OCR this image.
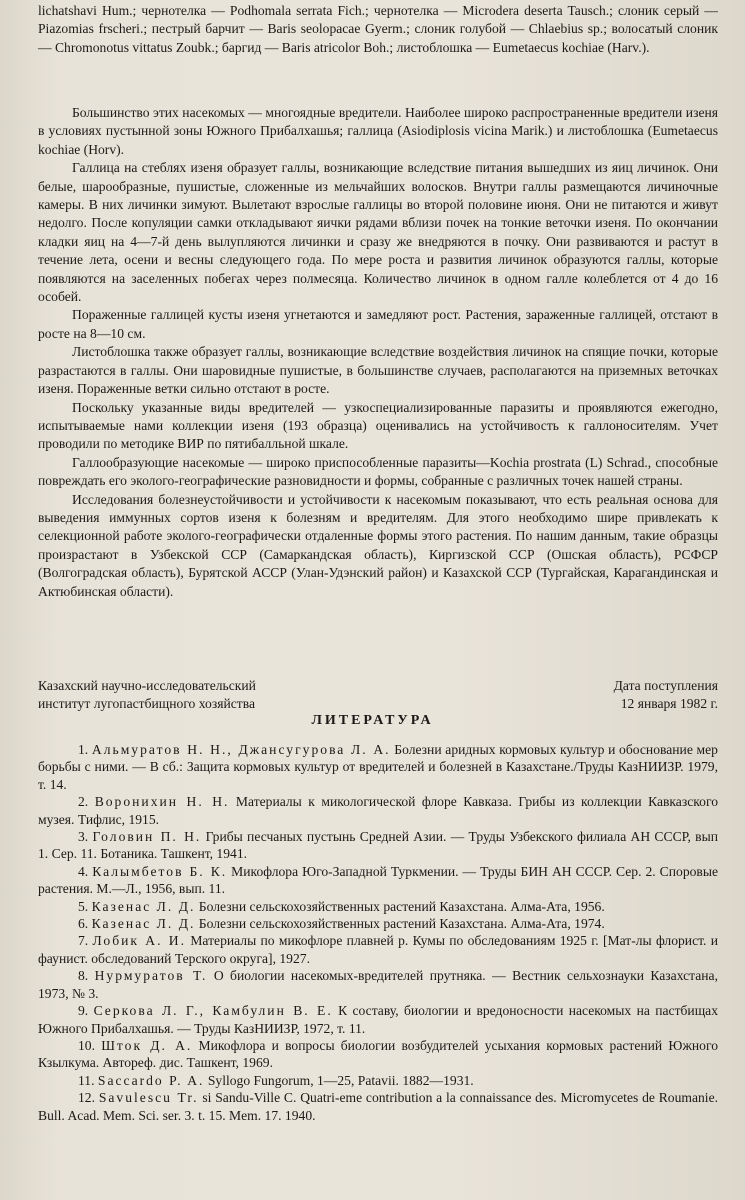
lichatshavi Hum.; чернотелка — Podhomala serrata Fich.; чернотелка — Microdera deserta Tausch.; слоник серый — Piazomias frscheri.; пестрый барчит — Baris seolopacae Gyerm.; слоник голубой — Chlaebius sp.; волосатый слоник — Chromonotus vittatus Zoubk.; баргид — Baris atricolor Boh.; листоблошка — Eumetaecus kochiae (Harv.).

Большинство этих насекомых — многоядные вредители. Наиболее широко распространенные вредители изеня в условиях пустынной зоны Южного Прибалхашья; галлица (Asiodiplosis vicina Marik.) и листоблошка (Eumetaecus kochiae (Horv).

Галлица на стеблях изеня образует галлы, возникающие вследствие питания вышедших из яиц личинок. Они белые, шарообразные, пушистые, сложенные из мельчайших волосков. Внутри галлы размещаются личиночные камеры. В них личинки зимуют. Вылетают взрослые галлицы во второй половине июня. Они не питаются и живут недолго. После копуляции самки откладывают яички рядами вблизи почек на тонкие веточки изеня. По окончании кладки яиц на 4—7-й день вылупляются личинки и сразу же внедряются в почку. Они развиваются и растут в течение лета, осени и весны следующего года. По мере роста и развития личинок образуются галлы, которые появляются на заселенных побегах через полмесяца. Количество личинок в одном галле колеблется от 4 до 16 особей.

Пораженные галлицей кусты изеня угнетаются и замедляют рост. Растения, зараженные галлицей, отстают в росте на 8—10 см.

Листоблошка также образует галлы, возникающие вследствие воздействия личинок на спящие почки, которые разрастаются в галлы. Они шаровидные пушистые, в большинстве случаев, располагаются на приземных веточках изеня. Пораженные ветки сильно отстают в росте.

Поскольку указанные виды вредителей — узкоспециализированные паразиты и проявляются ежегодно, испытываемые нами коллекции изеня (193 образца) оценивались на устойчивость к галлоносителям. Учет проводили по методике ВИР по пятибалльной шкале.

Галлообразующие насекомые — широко приспособленные паразиты—Kochia prostrata (L) Schrad., способные повреждать его эколого-географические разновидности и формы, собранные с различных точек нашей страны.

Исследования болезнеустойчивости и устойчивости к насекомым показывают, что есть реальная основа для выведения иммунных сортов изеня к болезням и вредителям. Для этого необходимо шире привлекать к селекционной работе эколого-географически отдаленные формы этого растения. По нашим данным, такие образцы произрастают в Узбекской ССР (Самаркандская область), Киргизской ССР (Ошская область), РСФСР (Волгоградская область), Бурятской АССР (Улан-Удэнский район) и Казахской ССР (Тургайская, Карагандинская и Актюбинская области).

Казахский научно-исследовательский
институт лугопастбищного хозяйства
Дата поступления
12 января 1982 г.
ЛИТЕРАТУРА

1. Альмуратов Н. Н., Джансугурова Л. А. Болезни аридных кормовых культур и обоснование мер борьбы с ними. — В сб.: Защита кормовых культур от вредителей и болезней в Казахстане./Труды КазНИИЗР. 1979, т. 14.

2. Воронихин Н. Н. Материалы к микологической флоре Кавказа. Грибы из коллекции Кавказского музея. Тифлис, 1915.

3. Головин П. Н. Грибы песчаных пустынь Средней Азии. — Труды Узбекского филиала АН СССР, вып 1. Сер. 11. Ботаника. Ташкент, 1941.

4. Калымбетов Б. К. Микофлора Юго-Западной Туркмении. — Труды БИН АН СССР. Сер. 2. Споровые растения. М.—Л., 1956, вып. 11.

5. Казенас Л. Д. Болезни сельскохозяйственных растений Казахстана. Алма-Ата, 1956.

6. Казенас Л. Д. Болезни сельскохозяйственных растений Казахстана. Алма-Ата, 1974.

7. Лобик А. И. Материалы по микофлоре плавней р. Кумы по обследованиям 1925 г. [Мат-лы флорист. и фаунист. обследований Терского округа], 1927.

8. Нурмуратов Т. О биологии насекомых-вредителей прутняка. — Вестник сельхознауки Казахстана, 1973, № 3.

9. Серкова Л. Г., Камбулин В. Е. К составу, биологии и вредоносности насекомых на пастбищах Южного Прибалхашья. — Труды КазНИИЗР, 1972, т. 11.

10. Шток Д. А. Микофлора и вопросы биологии возбудителей усыхания кормовых растений Южного Кзылкума. Автореф. дис. Ташкент, 1969.

11. Saccardo P. A. Syllogo Fungorum, 1—25, Patavii. 1882—1931.

12. Savulescu Tr. si Sandu-Ville C. Quatri-eme contribution a la connaissance des. Micromycetes de Roumanie. Bull. Acad. Mem. Sci. ser. 3. t. 15. Mem. 17. 1940.
